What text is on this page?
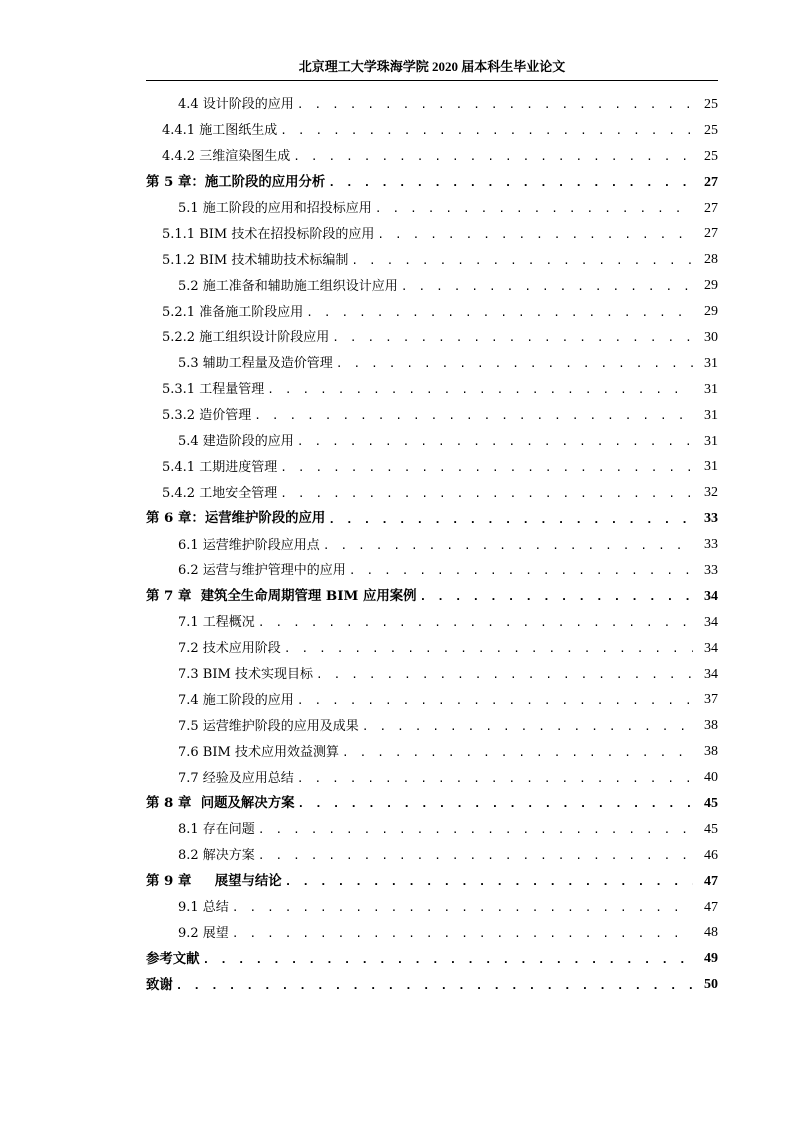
北京理工大学珠海学院 2020 届本科生毕业论文
4.4 设计阶段的应用 . . .	25
4.4.1 施工图纸生成 . . .	25
4.4.2 三维渲染图生成 . . .	25
第 5 章：施工阶段的应用分析 . . .	27
5.1 施工阶段的应用和招投标应用 . . .	27
5.1.1 BIM 技术在招投标阶段的应用 . . .	27
5.1.2 BIM 技术辅助技术标编制 . . .	28
5.2 施工准备和辅助施工组织设计应用 . . .	29
5.2.1 准备施工阶段应用 . . .	29
5.2.2 施工组织设计阶段应用 . . .	30
5.3 辅助工程量及造价管理 . . .	31
5.3.1 工程量管理 . . .	31
5.3.2 造价管理 . . .	31
5.4 建造阶段的应用 . . .	31
5.4.1 工期进度管理 . . .	31
5.4.2 工地安全管理 . . .	32
第 6 章：运营维护阶段的应用 . . .	33
6.1 运营维护阶段应用点 . . .	33
6.2 运营与维护管理中的应用 . . .	33
第 7 章  建筑全生命周期管理 BIM 应用案例 . . .	34
7.1 工程概况 . . .	34
7.2 技术应用阶段 . . .	34
7.3 BIM 技术实现目标 . . .	34
7.4 施工阶段的应用 . . .	37
7.5 运营维护阶段的应用及成果 . . .	38
7.6 BIM 技术应用效益测算 . . .	38
7.7 经验及应用总结 . . .	40
第 8 章  问题及解决方案 . . .	45
8.1 存在问题 . . .	45
8.2 解决方案 . . .	46
第 9 章     展望与结论 . . .	47
9.1 总结 . . .	47
9.2 展望 . . .	48
参考文献 . . .	49
致谢 . . .	50
